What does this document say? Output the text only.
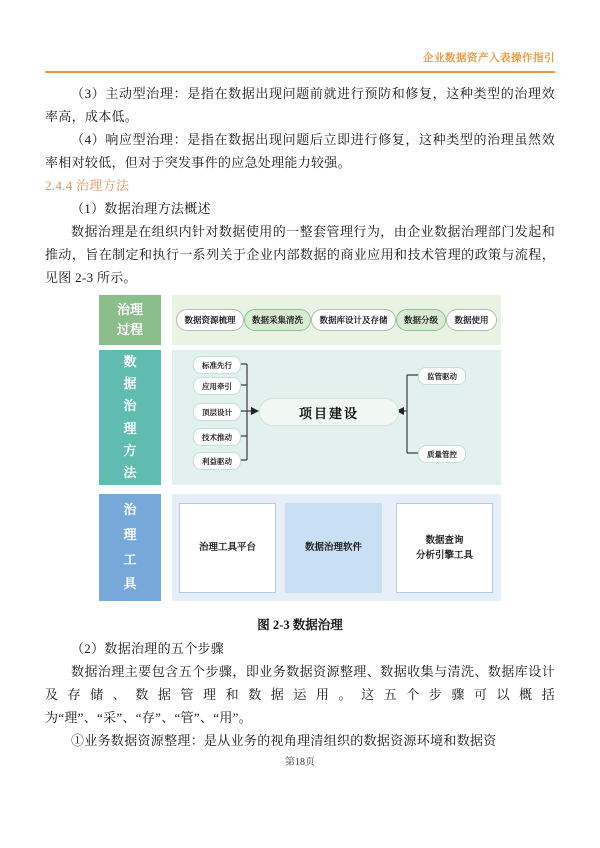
企业数据资产入表操作指引

（3）主动型治理：是指在数据出现问题前就进行预防和修复，这种类型的治理效率高，成本低。

（4）响应型治理：是指在数据出现问题后立即进行修复，这种类型的治理虽然效率相对较低，但对于突发事件的应急处理能力较强。

2.4.4 治理方法

（1）数据治理方法概述

数据治理是在组织内针对数据使用的一整套管理行为，由企业数据治理部门发起和推动，旨在制定和执行一系列关于企业内部数据的商业应用和技术管理的政策与流程，见图 2-3 所示。

治理过程
数据资源梳理	数据采集清洗	数据库设计及存储	数据分级	数据使用
数据治理方法
标准先行
应用牵引
顶层设计
技术推动
利益驱动
项目建设
监管驱动
质量管控
治理工具
治理工具平台	数据治理软件
数据查询
分析引擎工具
图 2-3 数据治理

（2）数据治理的五个步骤

数据治理主要包含五个步骤，即业务数据资源整理、数据收集与清洗、数据库设计及存储、数据管理和数据运用。这五个步骤可以概括为“理”、“采”、“存”、“管”、“用”。

①业务数据资源整理：是从业务的视角理清组织的数据资源环境和数据资

第18页
